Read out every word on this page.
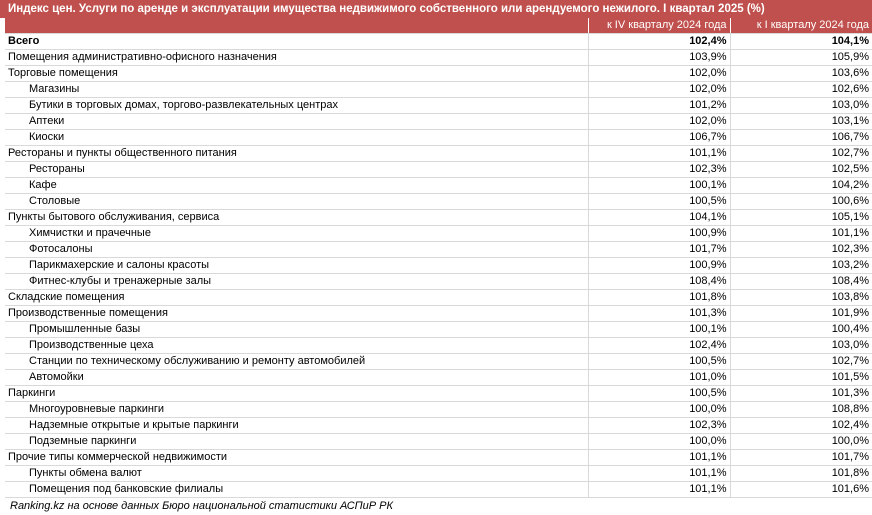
Индекс цен. Услуги по аренде и эксплуатации имущества недвижимого собственного или арендуемого нежилого. I квартал 2025 (%)
	к IV кварталу 2024 года	к I кварталу 2024 года
Всего	102,4%	104,1%
Помещения административно-офисного назначения	103,9%	105,9%
Торговые помещения	102,0%	103,6%
Магазины	102,0%	102,6%
Бутики в торговых домах, торгово-развлекательных центрах	101,2%	103,0%
Аптеки	102,0%	103,1%
Киоски	106,7%	106,7%
Рестораны и пункты общественного питания	101,1%	102,7%
Рестораны	102,3%	102,5%
Кафе	100,1%	104,2%
Столовые	100,5%	100,6%
Пункты бытового обслуживания, сервиса	104,1%	105,1%
Химчистки и прачечные	100,9%	101,1%
Фотосалоны	101,7%	102,3%
Парикмахерские и салоны красоты	100,9%	103,2%
Фитнес-клубы и тренажерные залы	108,4%	108,4%
Складские помещения	101,8%	103,8%
Производственные помещения	101,3%	101,9%
Промышленные базы	100,1%	100,4%
Производственные цеха	102,4%	103,0%
Станции по техническому обслуживанию и ремонту автомобилей	100,5%	102,7%
Автомойки	101,0%	101,5%
Паркинги	100,5%	101,3%
Многоуровневые паркинги	100,0%	108,8%
Надземные открытые и крытые паркинги	102,3%	102,4%
Подземные паркинги	100,0%	100,0%
Прочие типы коммерческой недвижимости	101,1%	101,7%
Пункты обмена валют	101,1%	101,8%
Помещения под банковские филиалы	101,1%	101,6%
Ranking.kz на основе данных Бюро национальной статистики АСПиР РК
